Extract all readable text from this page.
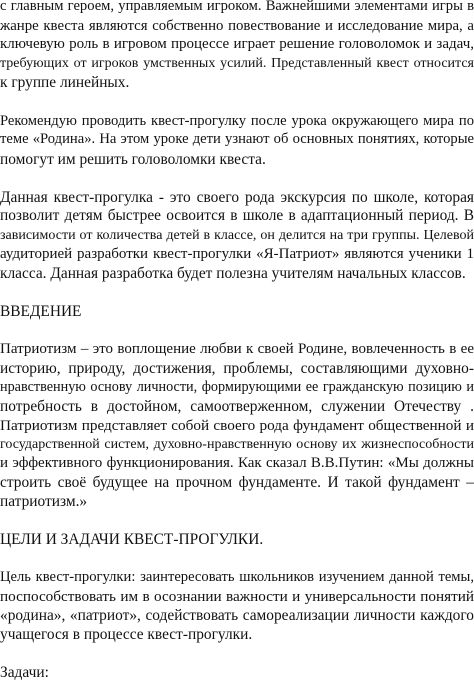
с главным героем, управляемым игроком. Важнейшими элементами игры в
жанре квеста являются собственно повествование и исследование мира, а
ключевую роль в игровом процессе играет решение головоломок и задач,
требующих от игроков умственных усилий. Представленный квест относится
к группе линейных.
Рекомендую проводить квест-прогулку после урока окружающего мира по
теме «Родина». На этом уроке дети узнают об основных понятиях, которые
помогут им решить головоломки квеста.
Данная квест-прогулка - это своего рода экскурсия по школе, которая
позволит детям быстрее освоится в школе в адаптационный период. В
зависимости от количества детей в классе, он делится на три группы. Целевой
аудиторией разработки квест-прогулки «Я-Патриот» являются ученики 1
класса. Данная разработка будет полезна учителям начальных классов.
ВВЕДЕНИЕ
Патриотизм – это воплощение любви к своей Родине, вовлеченность в ее
историю, природу, достижения, проблемы, составляющими духовно-
нравственную основу личности, формирующими ее гражданскую позицию и
потребность в достойном, самоотверженном, служении Отечеству .
Патриотизм представляет собой своего рода фундамент общественной и
государственной систем, духовно-нравственную основу их жизнеспособности
и эффективного функционирования. Как сказал В.В.Путин: «Мы должны
строить своё будущее на прочном фундаменте. И такой фундамент –
патриотизм.»
ЦЕЛИ И ЗАДАЧИ КВЕСТ-ПРОГУЛКИ.
Цель квест-прогулки: заинтересовать школьников изучением данной темы,
поспособствовать им в осознании важности и универсальности понятий
«родина», «патриот», содействовать самореализации личности каждого
учащегося в процессе квест-прогулки.
Задачи:
